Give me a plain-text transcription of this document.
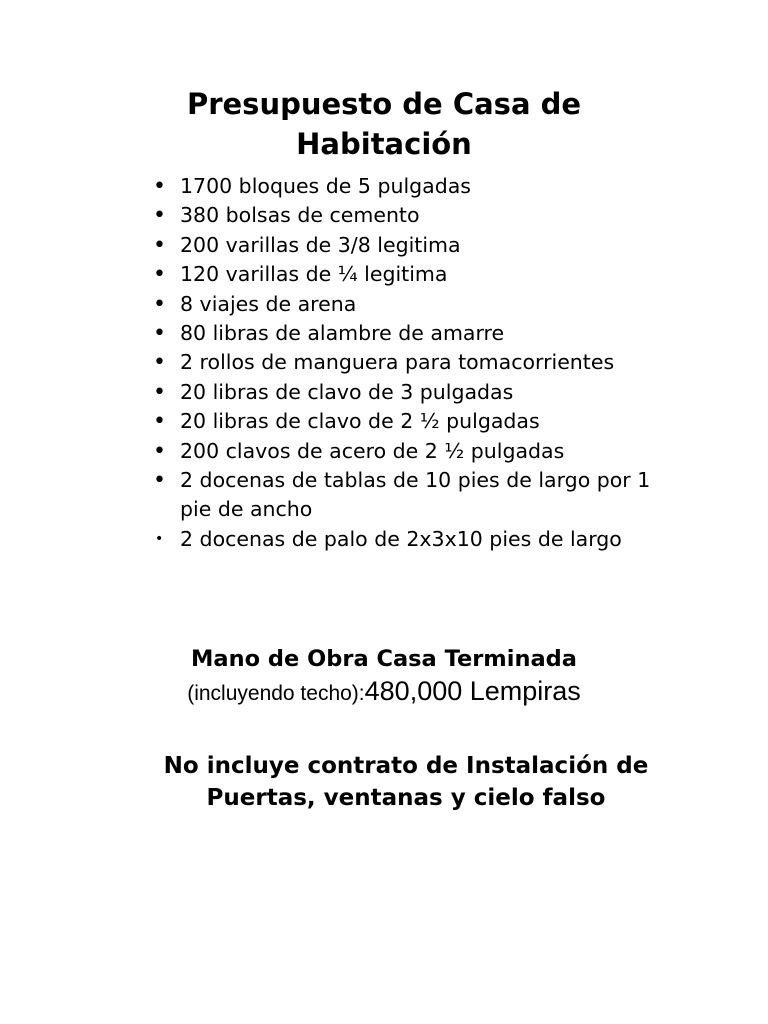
Presupuesto de Casa de Habitación
• 1700 bloques de 5 pulgadas
• 380 bolsas de cemento
• 200 varillas de 3/8 legitima
• 120 varillas de ¼ legitima
• 8 viajes de arena
• 80 libras de alambre de amarre
• 2 rollos de manguera para tomacorrientes
• 20 libras de clavo de 3 pulgadas
• 20 libras de clavo de 2 ½ pulgadas
• 200 clavos de acero de 2 ½ pulgadas
• 2 docenas de tablas de 10 pies de largo por 1 pie de ancho
• 2 docenas de palo de 2x3x10 pies de largo
Mano de Obra Casa Terminada

(incluyendo techo):480,000 Lempiras

No incluye contrato de Instalación de Puertas, ventanas y cielo falso
